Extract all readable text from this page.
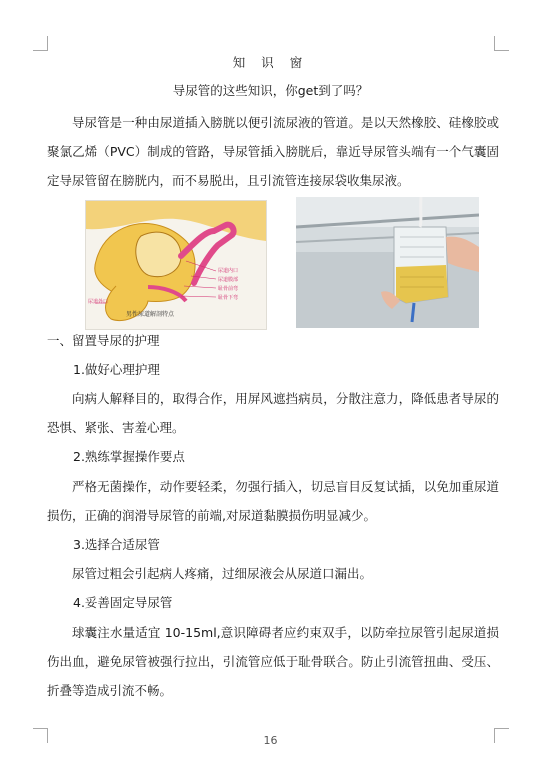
知 识 窗
导尿管的这些知识，你get到了吗？
导尿管是一种由尿道插入膀胱以便引流尿液的管道。是以天然橡胶、硅橡胶或聚氯乙烯（PVC）制成的管路，导尿管插入膀胱后，靠近导尿管头端有一个气囊固定导尿管留在膀胱内，而不易脱出，且引流管连接尿袋收集尿液。
尿道内口
尿道膜部
耻骨前弯
耻骨下弯
尿道外口
男性尿道解剖特点
一、留置导尿的护理
1.做好心理护理
向病人解释目的，取得合作，用屏风遮挡病员，分散注意力，降低患者导尿的恐惧、紧张、害羞心理。
2.熟练掌握操作要点
严格无菌操作，动作要轻柔，勿强行插入，切忌盲目反复试插，以免加重尿道损伤，正确的润滑导尿管的前端,对尿道黏膜损伤明显减少。
3.选择合适尿管
尿管过粗会引起病人疼痛，过细尿液会从尿道口漏出。
4.妥善固定导尿管
球囊注水量适宜 10-15ml,意识障碍者应约束双手，以防牵拉尿管引起尿道损伤出血，避免尿管被强行拉出，引流管应低于耻骨联合。防止引流管扭曲、受压、折叠等造成引流不畅。
16
